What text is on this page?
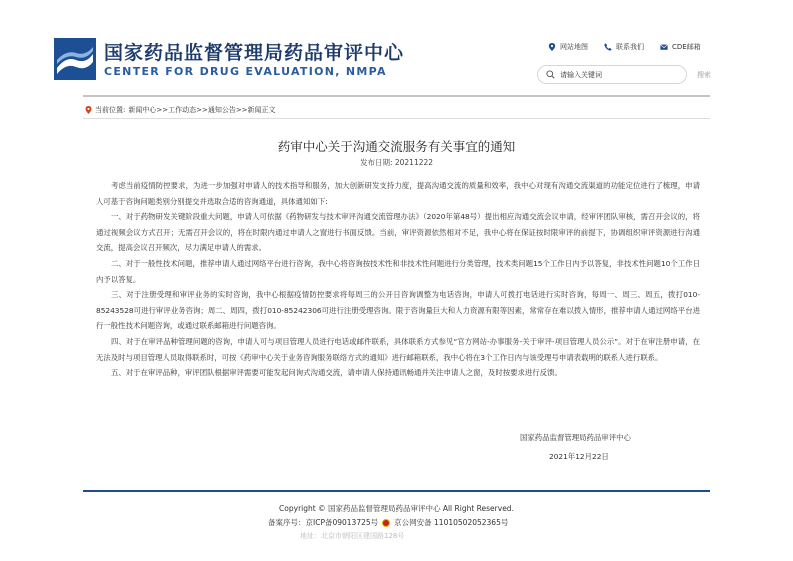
国家药品监督管理局药品审评中心
CENTER FOR DRUG EVALUATION, NMPA
网站地图	联系我们	CDE邮箱
请输入关键词
搜索
当前位置: 新闻中心>>工作动态>>通知公告>>新闻正文
药审中心关于沟通交流服务有关事宜的通知
发布日期: 20211222

考虑当前疫情防控要求，为进一步加强对申请人的技术指导和服务，加大创新研发支持力度，提高沟通交流的质量和效率，我中心对现有沟通交流渠道的功能定位进行了梳理，申请人可基于咨询问题类别分别提交并选取合适的咨询通道，具体通知如下:

一、对于药物研发关键阶段重大问题，申请人可依据《药物研发与技术审评沟通交流管理办法》（2020年第48号）提出相应沟通交流会议申请，经审评团队审核，需召开会议的，将通过视频会议方式召开；无需召开会议的，将在时限内通过申请人之窗进行书面反馈。当前，审评资源依然相对不足，我中心将在保证按时限审评的前提下，协调组织审评资源进行沟通交流，提高会议召开频次，尽力满足申请人的需求。

二、对于一般性技术问题，推荐申请人通过网络平台进行咨询，我中心将咨询按技术性和非技术性问题进行分类管理，技术类问题15个工作日内予以答复，非技术性问题10个工作日内予以答复。

三、对于注册受理和审评业务的实时咨询，我中心根据疫情防控要求将每周三的公开日咨询调整为电话咨询，申请人可拨打电话进行实时咨询，每周一、周三、周五，拨打010-85243528可进行审评业务咨询；周二、周四，拨打010-85242306可进行注册受理咨询。限于咨询量巨大和人力资源有限等因素，常常存在难以拨入情形，推荐申请人通过网络平台进行一般性技术问题咨询，或通过联系邮箱进行问题咨询。

四、对于在审评品种管理问题的咨询，申请人可与项目管理人员进行电话或邮件联系，具体联系方式参见“官方网站-办事服务-关于审评-项目管理人员公示”。对于在审注册申请，在无法及时与项目管理人员取得联系时，可按《药审中心关于业务咨询服务联络方式的通知》进行邮箱联系，我中心将在3个工作日内与该受理号申请表载明的联系人进行联系。

五、对于在审评品种，审评团队根据审评需要可能发起问询式沟通交流，请申请人保持通讯畅通并关注申请人之窗，及时按要求进行反馈。

国家药品监督管理局药品审评中心
2021年12月22日
Copyright © 国家药品监督管理局药品审评中心 All Right Reserved.
备案序号：京ICP备09013725号 京公网安备 11010502052365号
地址：北京市朝阳区建国路128号
